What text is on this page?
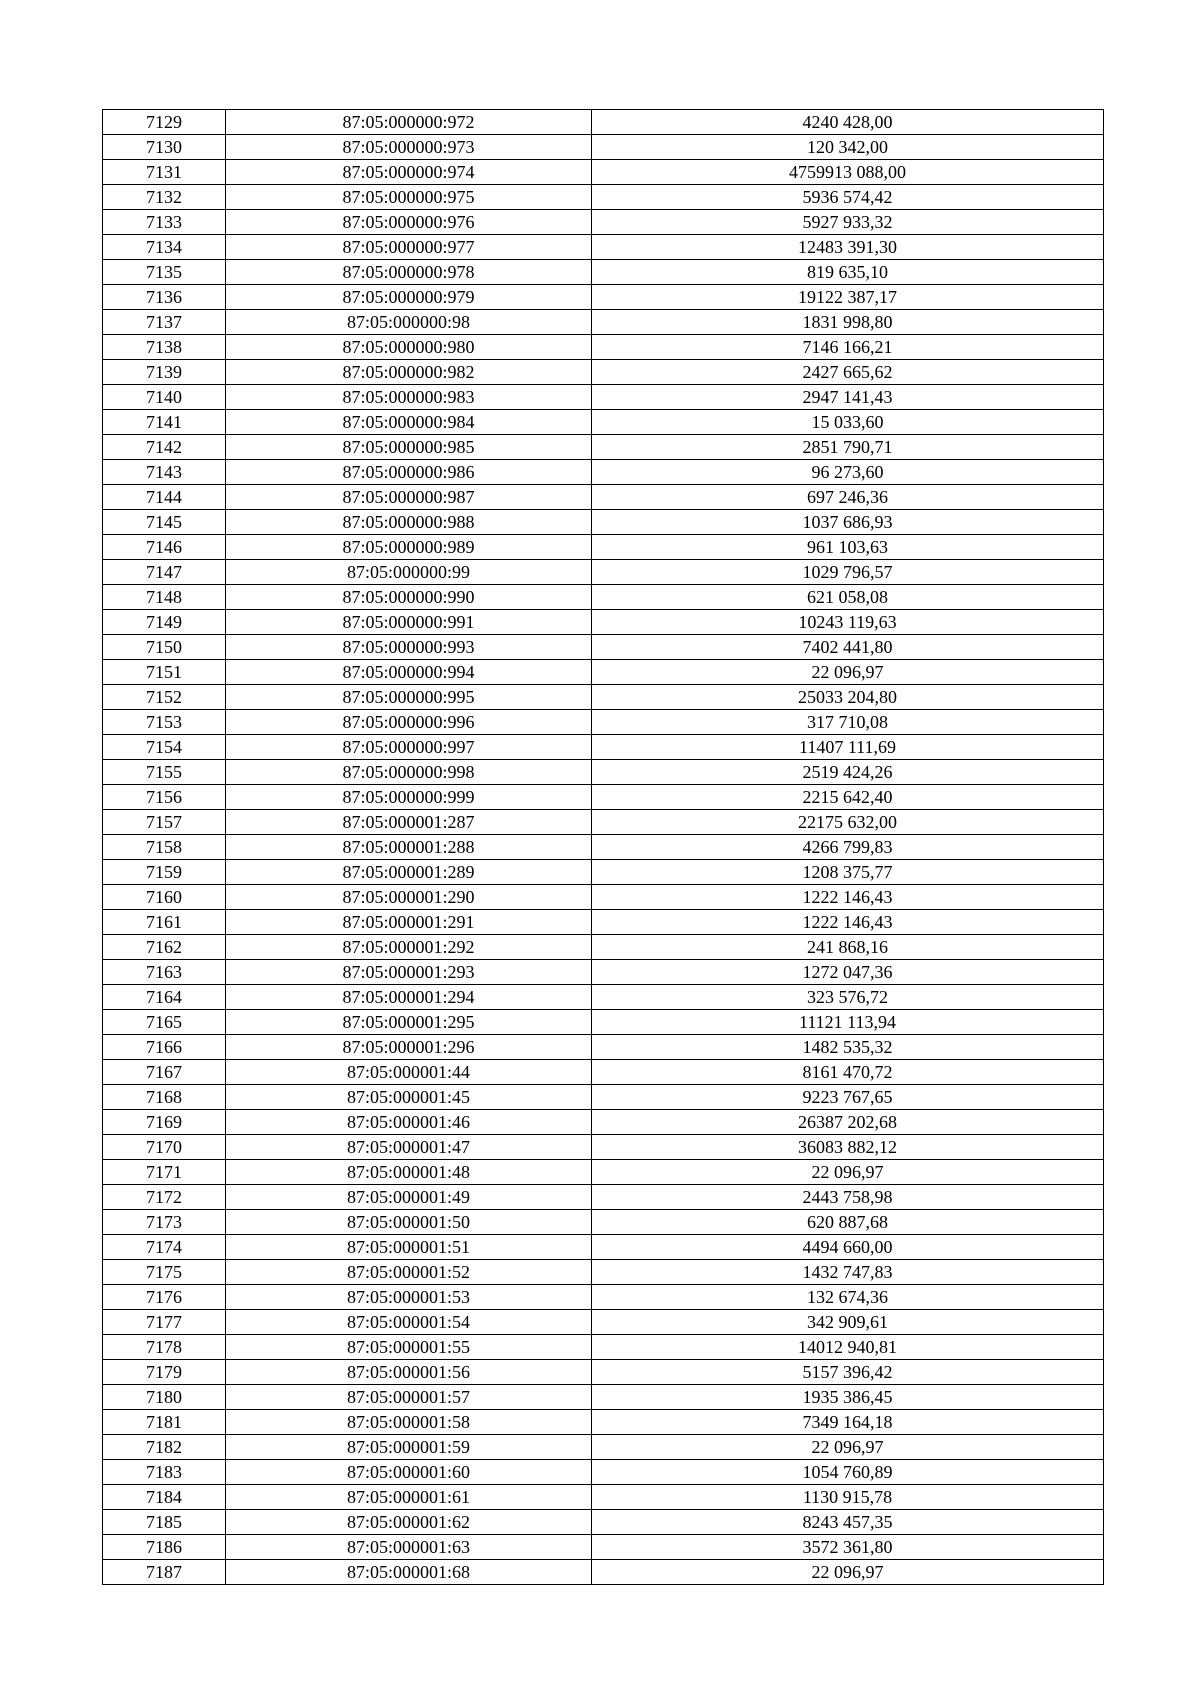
7129	87:05:000000:972	4240 428,00
7130	87:05:000000:973	120 342,00
7131	87:05:000000:974	4759913 088,00
7132	87:05:000000:975	5936 574,42
7133	87:05:000000:976	5927 933,32
7134	87:05:000000:977	12483 391,30
7135	87:05:000000:978	819 635,10
7136	87:05:000000:979	19122 387,17
7137	87:05:000000:98	1831 998,80
7138	87:05:000000:980	7146 166,21
7139	87:05:000000:982	2427 665,62
7140	87:05:000000:983	2947 141,43
7141	87:05:000000:984	15 033,60
7142	87:05:000000:985	2851 790,71
7143	87:05:000000:986	96 273,60
7144	87:05:000000:987	697 246,36
7145	87:05:000000:988	1037 686,93
7146	87:05:000000:989	961 103,63
7147	87:05:000000:99	1029 796,57
7148	87:05:000000:990	621 058,08
7149	87:05:000000:991	10243 119,63
7150	87:05:000000:993	7402 441,80
7151	87:05:000000:994	22 096,97
7152	87:05:000000:995	25033 204,80
7153	87:05:000000:996	317 710,08
7154	87:05:000000:997	11407 111,69
7155	87:05:000000:998	2519 424,26
7156	87:05:000000:999	2215 642,40
7157	87:05:000001:287	22175 632,00
7158	87:05:000001:288	4266 799,83
7159	87:05:000001:289	1208 375,77
7160	87:05:000001:290	1222 146,43
7161	87:05:000001:291	1222 146,43
7162	87:05:000001:292	241 868,16
7163	87:05:000001:293	1272 047,36
7164	87:05:000001:294	323 576,72
7165	87:05:000001:295	11121 113,94
7166	87:05:000001:296	1482 535,32
7167	87:05:000001:44	8161 470,72
7168	87:05:000001:45	9223 767,65
7169	87:05:000001:46	26387 202,68
7170	87:05:000001:47	36083 882,12
7171	87:05:000001:48	22 096,97
7172	87:05:000001:49	2443 758,98
7173	87:05:000001:50	620 887,68
7174	87:05:000001:51	4494 660,00
7175	87:05:000001:52	1432 747,83
7176	87:05:000001:53	132 674,36
7177	87:05:000001:54	342 909,61
7178	87:05:000001:55	14012 940,81
7179	87:05:000001:56	5157 396,42
7180	87:05:000001:57	1935 386,45
7181	87:05:000001:58	7349 164,18
7182	87:05:000001:59	22 096,97
7183	87:05:000001:60	1054 760,89
7184	87:05:000001:61	1130 915,78
7185	87:05:000001:62	8243 457,35
7186	87:05:000001:63	3572 361,80
7187	87:05:000001:68	22 096,97
